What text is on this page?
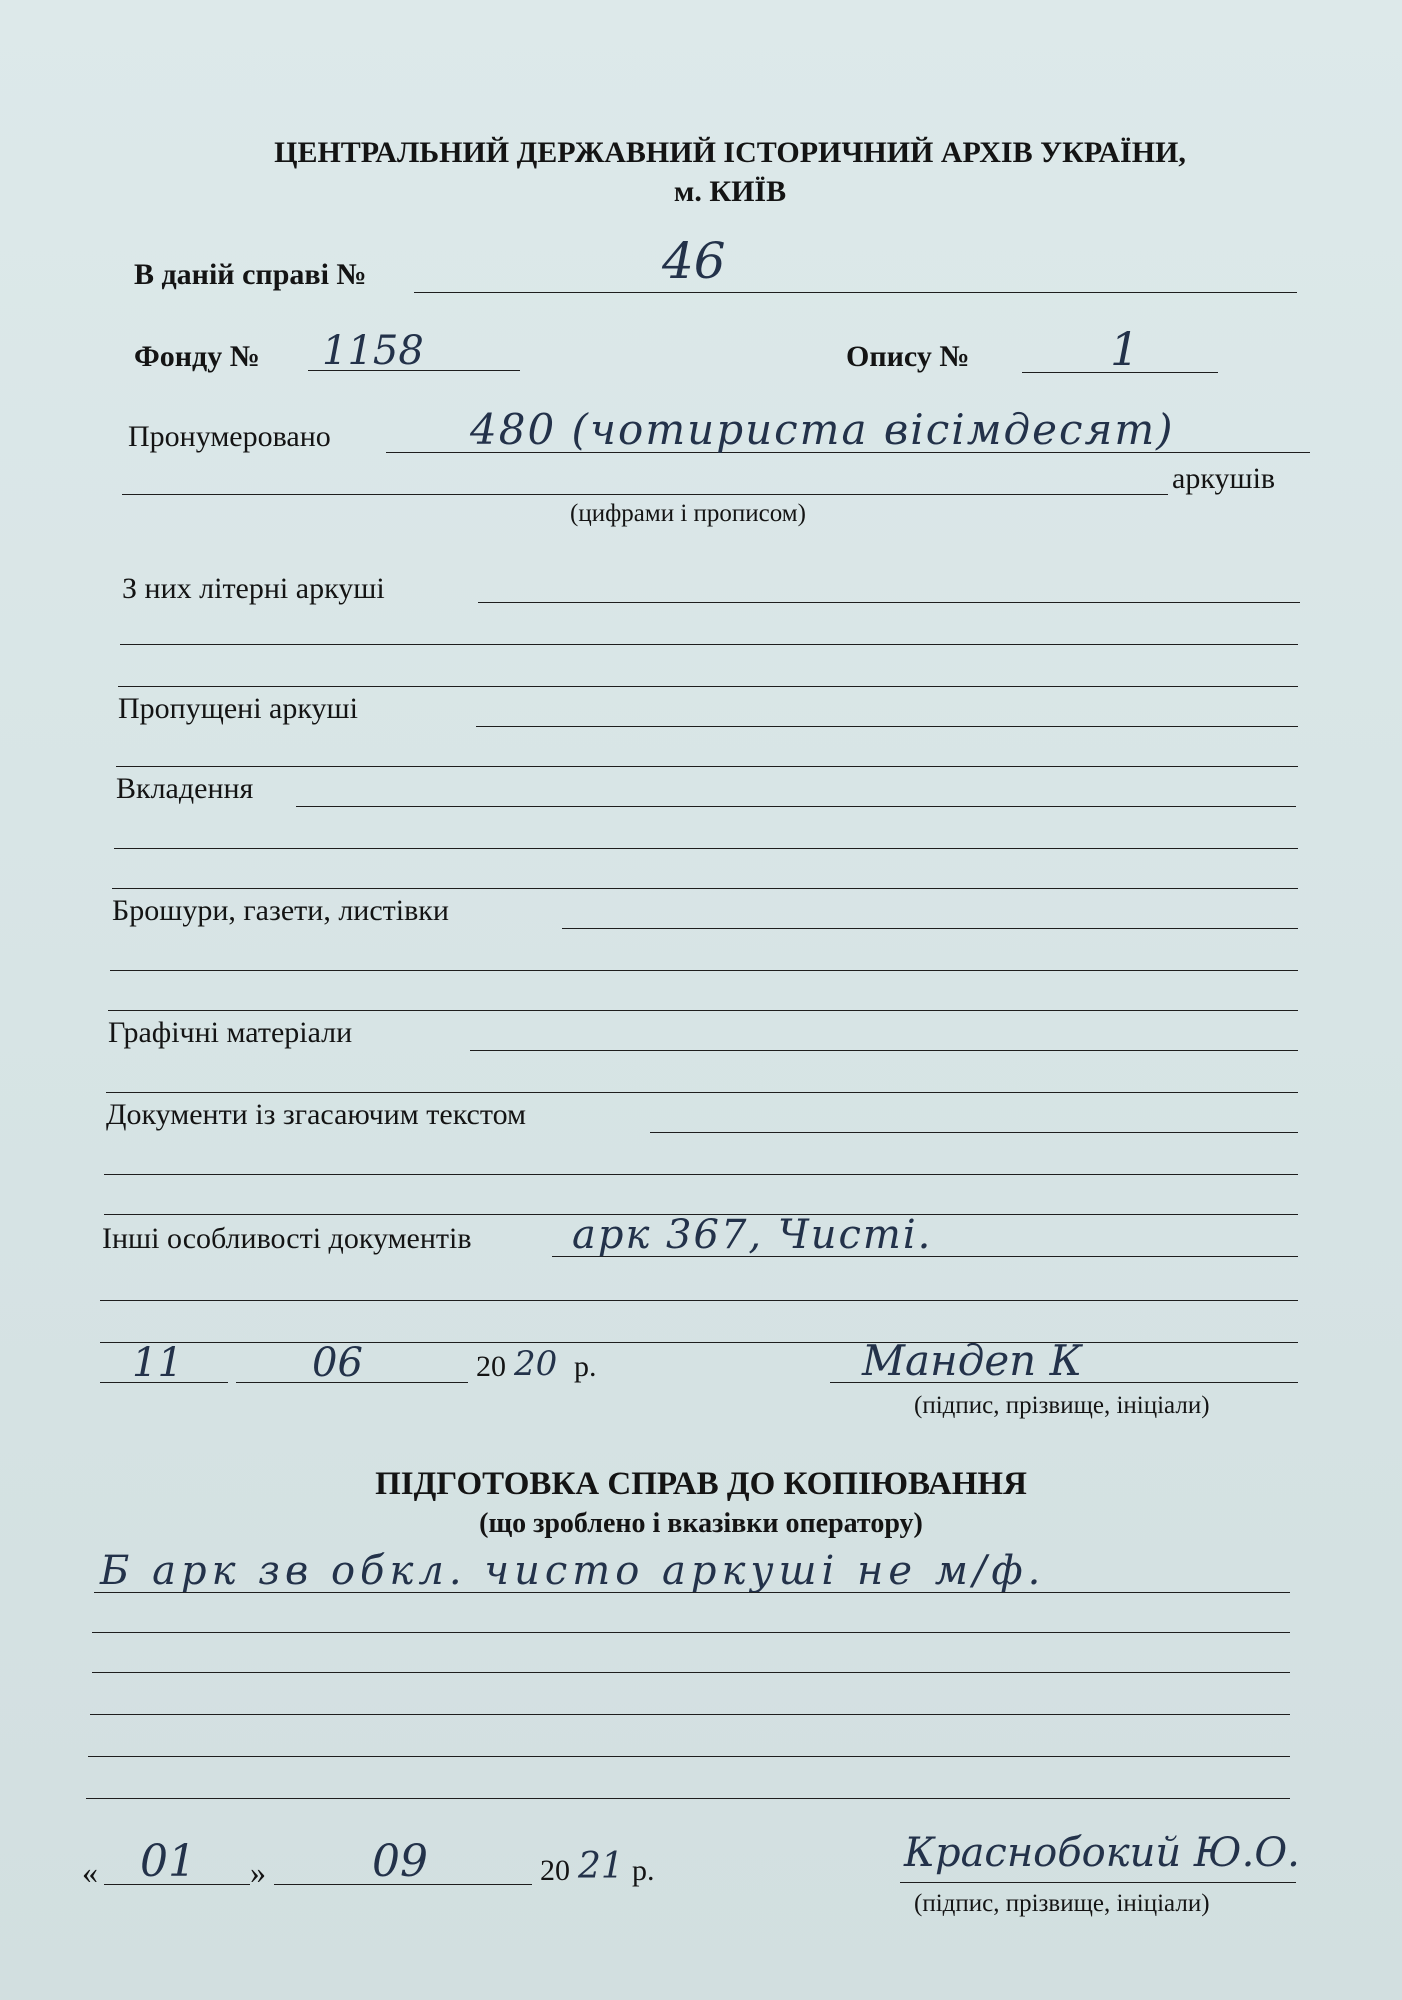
ЦЕНТРАЛЬНИЙ ДЕРЖАВНИЙ ІСТОРИЧНИЙ АРХІВ УКРАЇНИ,
м. КИЇВ
В даній справі №	46
Фонду № 1158	Опису №	1
Пронумеровано	480 (чотириста вісімдесят)
аркушів
(цифрами і прописом)
З них літерні аркуші
Пропущені аркуші
Вкладення
Брошури, газети, листівки
Графічні матеріали
Документи із згасаючим текстом
Інші особливості документів	арк 367, Чисті.
11	06	20 20 р.	Мандеп К
(підпис, прізвище, ініціали)
ПІДГОТОВКА СПРАВ ДО КОПІЮВАННЯ
(що зроблено і вказівки оператору)
Б арк зв обкл. чисто аркуші не м/ф.
« 01 » 09	20 21 р.	Краснобокий Ю.О.
(підпис, прізвище, ініціали)
